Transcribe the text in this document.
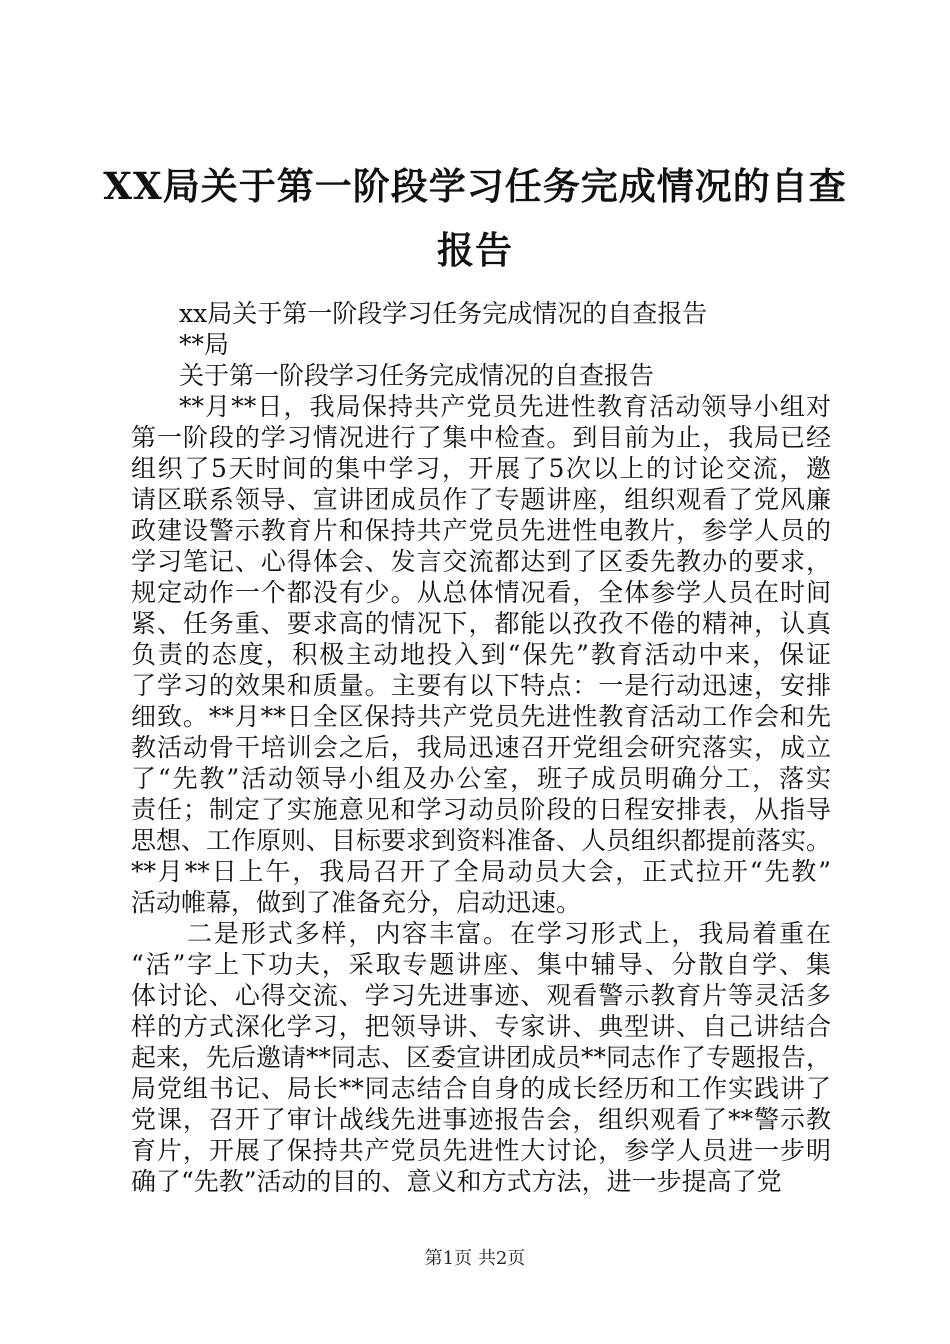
XX局关于第一阶段学习任务完成情况的自查
报告
xx局关于第一阶段学习任务完成情况的自查报告
**局
关于第一阶段学习任务完成情况的自查报告
**月**日，我局保持共产党员先进性教育活动领导小组对
第一阶段的学习情况进行了集中检查。到目前为止，我局已经
组织了5天时间的集中学习，开展了5次以上的讨论交流，邀
请区联系领导、宣讲团成员作了专题讲座，组织观看了党风廉
政建设警示教育片和保持共产党员先进性电教片，参学人员的
学习笔记、心得体会、发言交流都达到了区委先教办的要求，
规定动作一个都没有少。从总体情况看，全体参学人员在时间
紧、任务重、要求高的情况下，都能以孜孜不倦的精神，认真
负责的态度，积极主动地投入到“保先”教育活动中来，保证
了学习的效果和质量。主要有以下特点：一是行动迅速，安排
细致。**月**日全区保持共产党员先进性教育活动工作会和先
教活动骨干培训会之后，我局迅速召开党组会研究落实，成立
了“先教”活动领导小组及办公室，班子成员明确分工，落实
责任；制定了实施意见和学习动员阶段的日程安排表，从指导
思想、工作原则、目标要求到资料准备、人员组织都提前落实。
**月**日上午，我局召开了全局动员大会，正式拉开“先教”
活动帷幕，做到了准备充分，启动迅速。
二是形式多样，内容丰富。在学习形式上，我局着重在
“活”字上下功夫，采取专题讲座、集中辅导、分散自学、集
体讨论、心得交流、学习先进事迹、观看警示教育片等灵活多
样的方式深化学习，把领导讲、专家讲、典型讲、自己讲结合
起来，先后邀请**同志、区委宣讲团成员**同志作了专题报告，
局党组书记、局长**同志结合自身的成长经历和工作实践讲了
党课，召开了审计战线先进事迹报告会，组织观看了**警示教
育片，开展了保持共产党员先进性大讨论，参学人员进一步明
确了“先教”活动的目的、意义和方式方法，进一步提高了党
第1页 共2页
